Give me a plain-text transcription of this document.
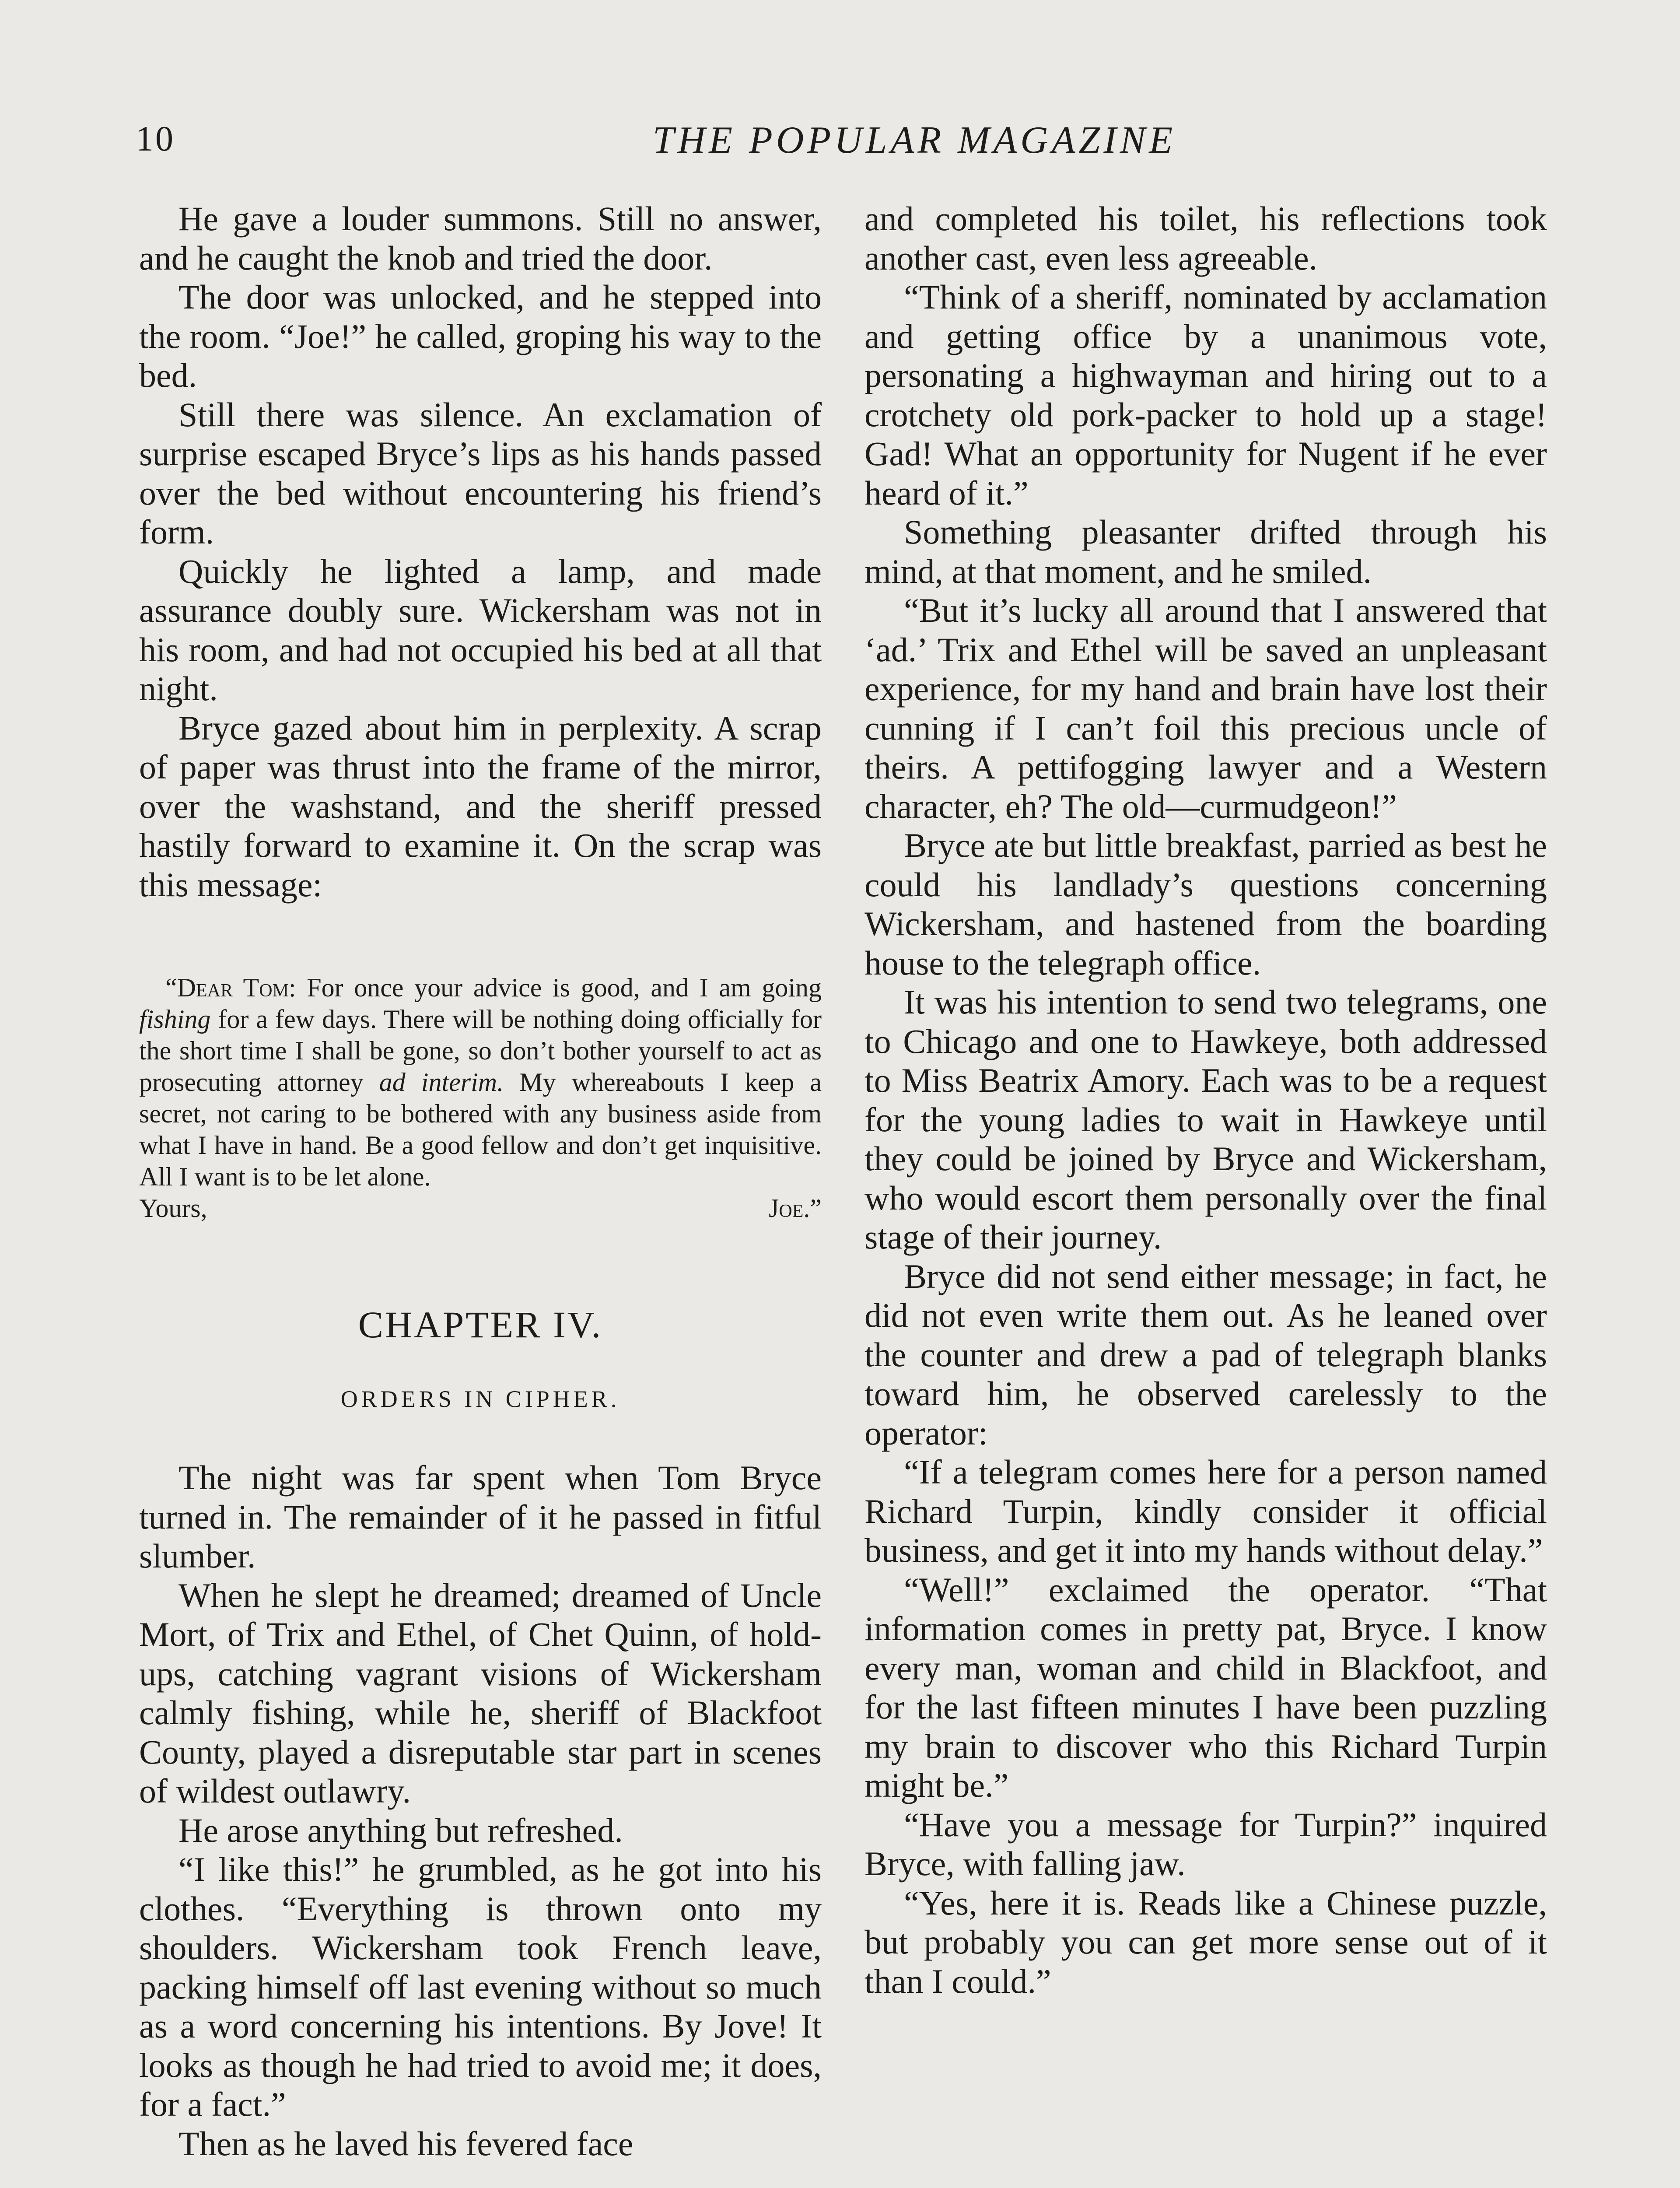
10	THE POPULAR MAGAZINE

He gave a louder summons. Still no answer, and he caught the knob and tried the door.

The door was unlocked, and he stepped into the room. “Joe!” he called, groping his way to the bed.

Still there was silence. An exclamation of surprise escaped Bryce’s lips as his hands passed over the bed without encountering his friend’s form.

Quickly he lighted a lamp, and made assurance doubly sure. Wickersham was not in his room, and had not occupied his bed at all that night.

Bryce gazed about him in perplexity. A scrap of paper was thrust into the frame of the mirror, over the washstand, and the sheriff pressed hastily forward to examine it. On the scrap was this message:

“Dear Tom: For once your advice is good, and I am going fishing for a few days. There will be nothing doing officially for the short time I shall be gone, so don’t bother yourself to act as prosecuting attorney ad interim. My whereabouts I keep a secret, not caring to be bothered with any business aside from what I have in hand. Be a good fellow and don’t get inquisitive. All I want is to be let alone.

Yours,	Joe.”
CHAPTER IV.
ORDERS IN CIPHER.

The night was far spent when Tom Bryce turned in. The remainder of it he passed in fitful slumber.

When he slept he dreamed; dreamed of Uncle Mort, of Trix and Ethel, of Chet Quinn, of hold-ups, catching vagrant visions of Wickersham calmly fishing, while he, sheriff of Blackfoot County, played a disreputable star part in scenes of wildest outlawry.

He arose anything but refreshed.

“I like this!” he grumbled, as he got into his clothes. “Everything is thrown onto my shoulders. Wickersham took French leave, packing himself off last evening without so much as a word concerning his intentions. By Jove! It looks as though he had tried to avoid me; it does, for a fact.”

Then as he laved his fevered face

and completed his toilet, his reflections took another cast, even less agreeable.

“Think of a sheriff, nominated by acclamation and getting office by a unanimous vote, personating a highwayman and hiring out to a crotchety old pork-packer to hold up a stage! Gad! What an opportunity for Nugent if he ever heard of it.”

Something pleasanter drifted through his mind, at that moment, and he smiled.

“But it’s lucky all around that I answered that ‘ad.’ Trix and Ethel will be saved an unpleasant experience, for my hand and brain have lost their cunning if I can’t foil this precious uncle of theirs. A pettifogging lawyer and a Western character, eh? The old—curmudgeon!”

Bryce ate but little breakfast, parried as best he could his landlady’s questions concerning Wickersham, and hastened from the boarding house to the telegraph office.

It was his intention to send two telegrams, one to Chicago and one to Hawkeye, both addressed to Miss Beatrix Amory. Each was to be a request for the young ladies to wait in Hawkeye until they could be joined by Bryce and Wickersham, who would escort them personally over the final stage of their journey.

Bryce did not send either message; in fact, he did not even write them out. As he leaned over the counter and drew a pad of telegraph blanks toward him, he observed carelessly to the operator:

“If a telegram comes here for a person named Richard Turpin, kindly consider it official business, and get it into my hands without delay.”

“Well!” exclaimed the operator. “That information comes in pretty pat, Bryce. I know every man, woman and child in Blackfoot, and for the last fifteen minutes I have been puzzling my brain to discover who this Richard Turpin might be.”

“Have you a message for Turpin?” inquired Bryce, with falling jaw.

“Yes, here it is. Reads like a Chinese puzzle, but probably you can get more sense out of it than I could.”
